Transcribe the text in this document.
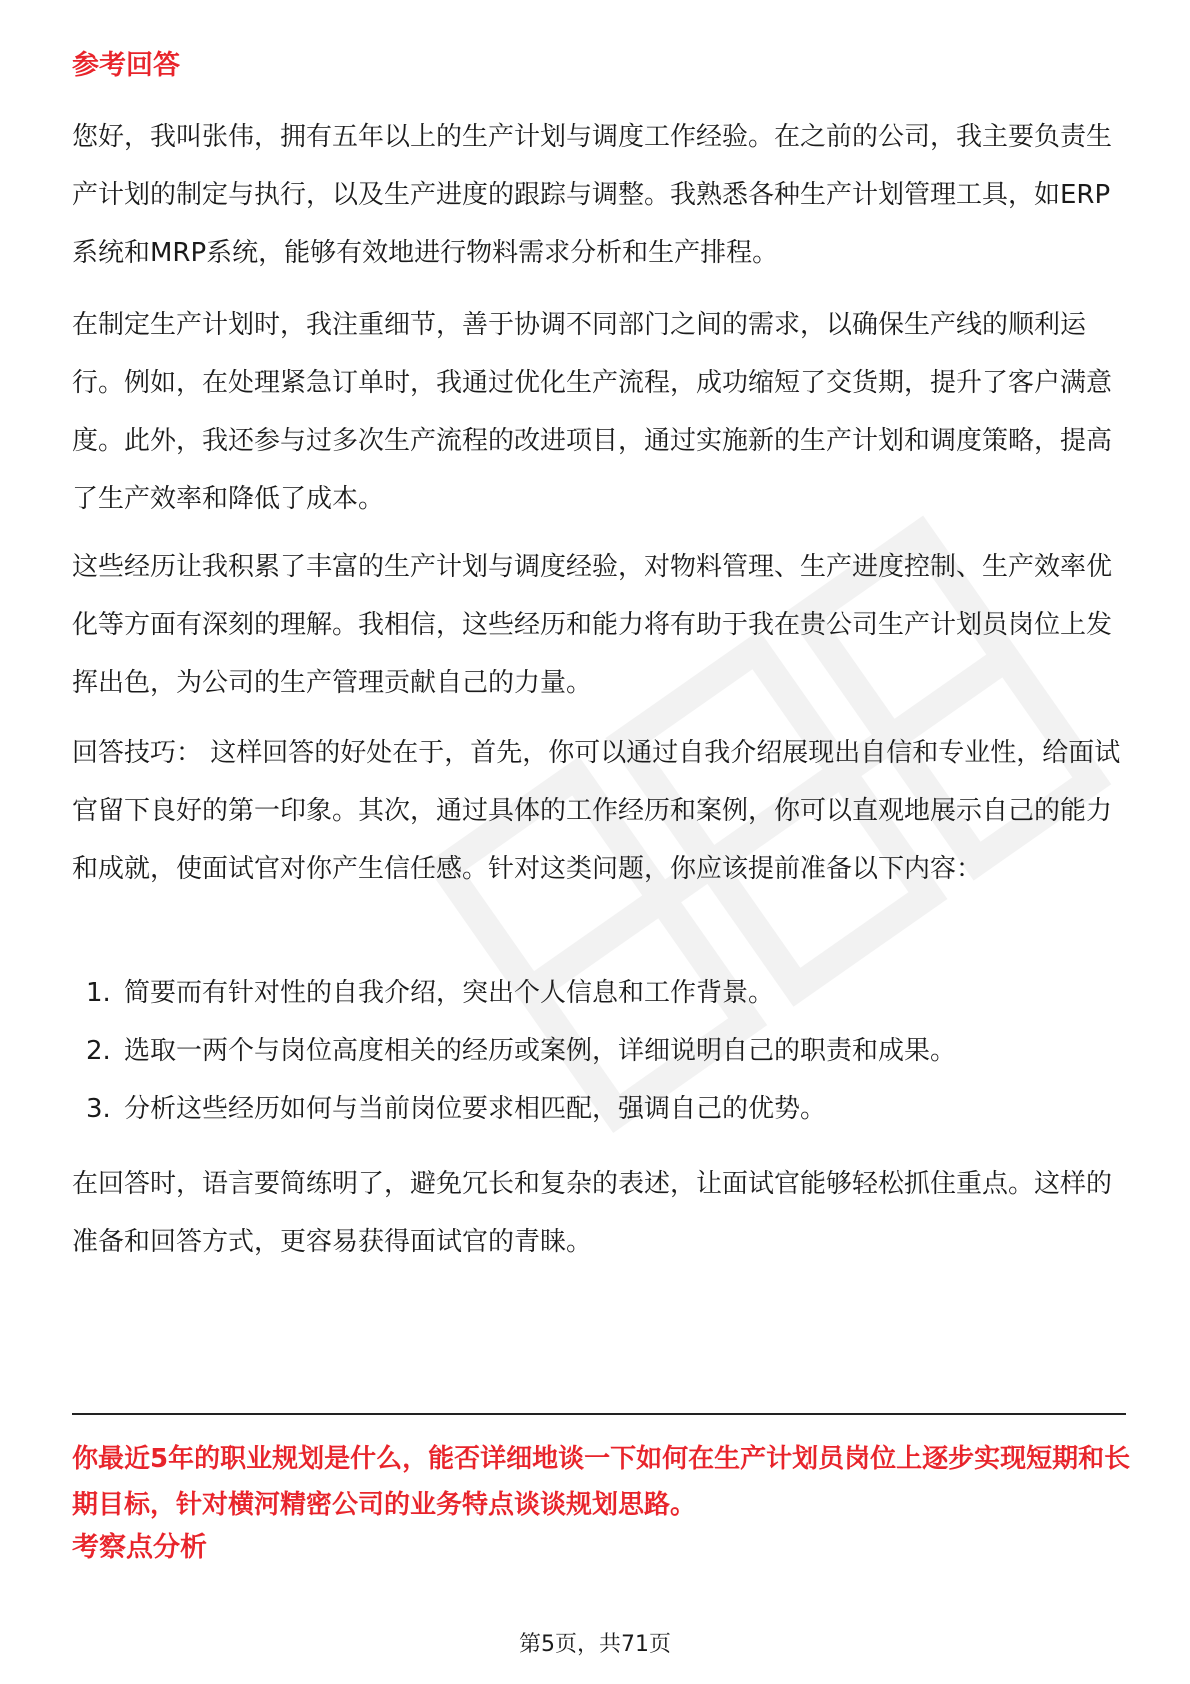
参考回答

您好，我叫张伟，拥有五年以上的生产计划与调度工作经验。在之前的公司，我主要负责生产计划的制定与执行，以及生产进度的跟踪与调整。我熟悉各种生产计划管理工具，如ERP系统和MRP系统，能够有效地进行物料需求分析和生产排程。

在制定生产计划时，我注重细节，善于协调不同部门之间的需求，以确保生产线的顺利运行。例如，在处理紧急订单时，我通过优化生产流程，成功缩短了交货期，提升了客户满意度。此外，我还参与过多次生产流程的改进项目，通过实施新的生产计划和调度策略，提高了生产效率和降低了成本。

这些经历让我积累了丰富的生产计划与调度经验，对物料管理、生产进度控制、生产效率优化等方面有深刻的理解。我相信，这些经历和能力将有助于我在贵公司生产计划员岗位上发挥出色，为公司的生产管理贡献自己的力量。

回答技巧： 这样回答的好处在于，首先，你可以通过自我介绍展现出自信和专业性，给面试官留下良好的第一印象。其次，通过具体的工作经历和案例，你可以直观地展示自己的能力和成就，使面试官对你产生信任感。针对这类问题，你应该提前准备以下内容：

1. 简要而有针对性的自我介绍，突出个人信息和工作背景。
2. 选取一两个与岗位高度相关的经历或案例，详细说明自己的职责和成果。
3. 分析这些经历如何与当前岗位要求相匹配，强调自己的优势。

在回答时，语言要简练明了，避免冗长和复杂的表述，让面试官能够轻松抓住重点。这样的准备和回答方式，更容易获得面试官的青睐。

你最近5年的职业规划是什么，能否详细地谈一下如何在生产计划员岗位上逐步实现短期和长期目标，针对横河精密公司的业务特点谈谈规划思路。

考察点分析
第5页，共71页
